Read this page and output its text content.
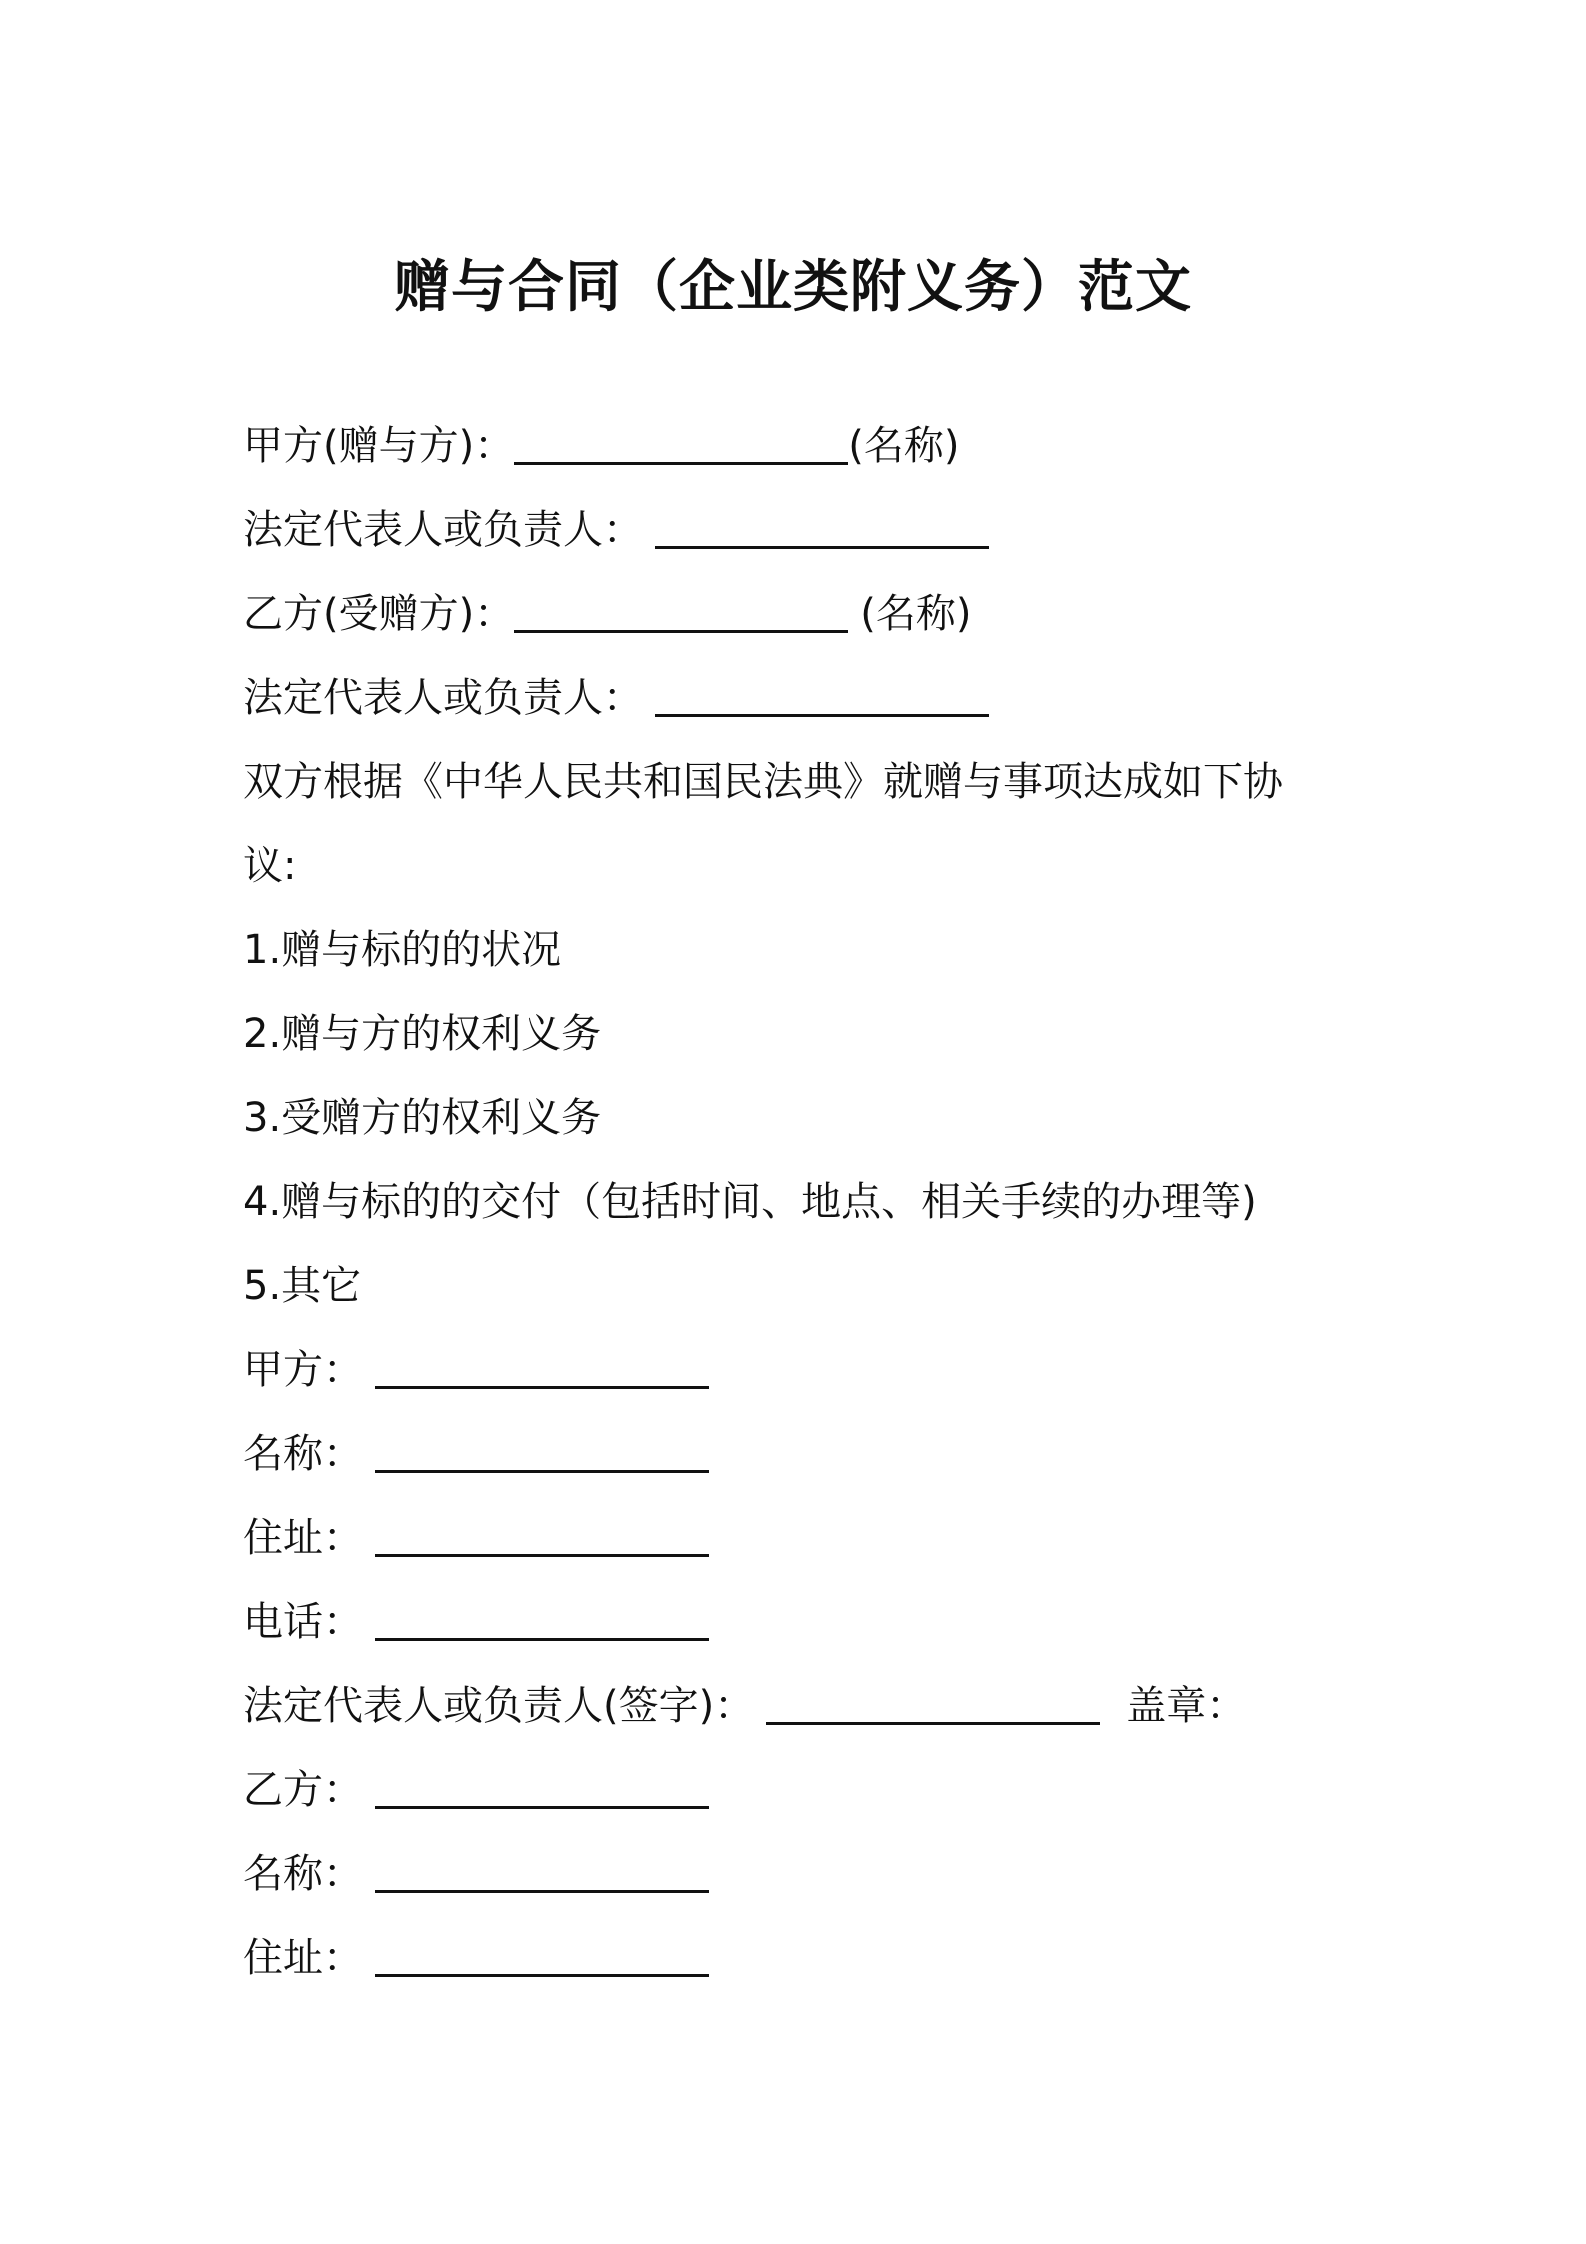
赠与合同（企业类附义务）范文
甲方(赠与方)：	(名称)
法定代表人或负责人：
乙方(受赠方)：	(名称)
法定代表人或负责人：
双方根据《中华人民共和国民法典》就赠与事项达成如下协
议:
1.赠与标的的状况
2.赠与方的权利义务
3.受赠方的权利义务
4.赠与标的的交付（包括时间、地点、相关手续的办理等)
5.其它
甲方：
名称：
住址：
电话：
法定代表人或负责人(签字)：	盖章：
乙方：
名称：
住址：
